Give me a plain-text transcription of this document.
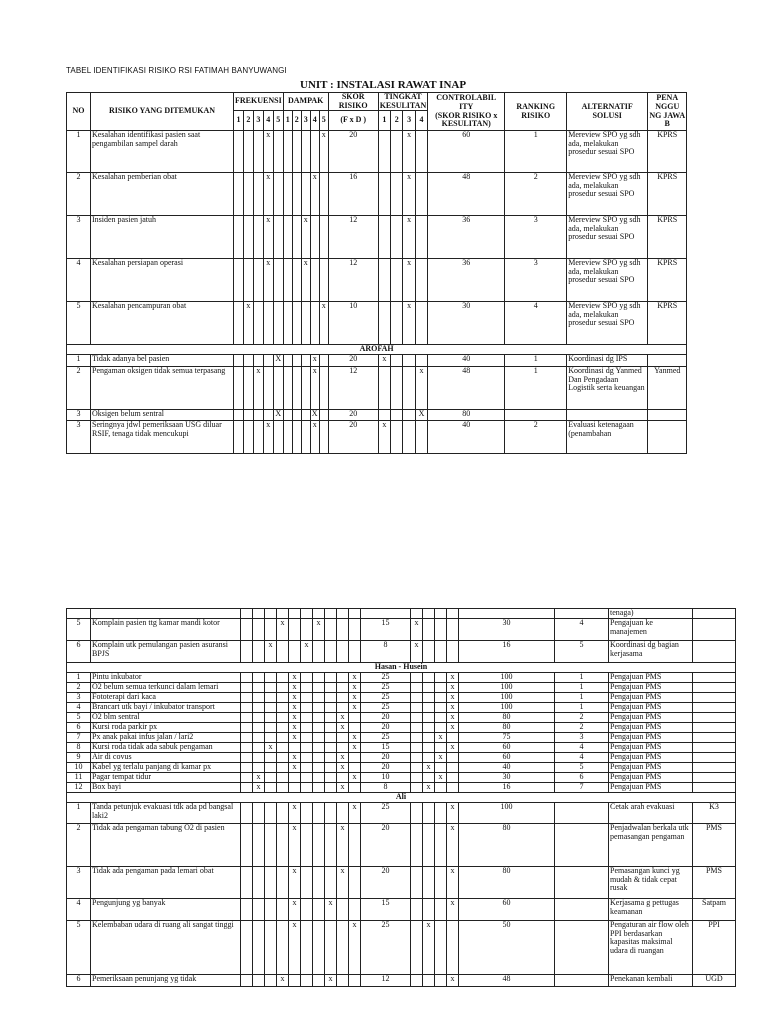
TABEL IDENTIFIKASI RISIKO RSI FATIMAH BANYUWANGI
UNIT : INSTALASI RAWAT INAP
NO	RISIKO YANG DITEMUKAN	FREKUENSI					DAMPAK					SKOR RISIKO	TINGKAT KESULITAN				CONTROLABIL ITY
(SKOR RISIKO x KESULITAN)	RANKING RISIKO	ALTERNATIF SOLUSI	PENA NGGU NG JAWA B
		1	2	3	4	5	1	2	3	4	5	(F x D )	1	2	3	4				
1	Kesalahan identifikasi pasien saat pengambilan sampel darah				x						x	20			x		60	1	Mereview SPO yg sdh ada, melakukan prosedur sesuai SPO	KPRS
2	Kesalahan pemberian obat				x					x		16			x		48	2	Mereview SPO yg sdh ada, melakukan prosedur sesuai SPO	KPRS
3	Insiden pasien jatuh				x				x			12			x		36	3	Mereview SPO yg sdh ada, melakukan prosedur sesuai SPO	KPRS
4	Kesalahan persiapan operasi				x				x			12			x		36	3	Mereview SPO yg sdh ada, melakukan prosedur sesuai SPO	KPRS
5	Kesalahan pencampuran obat		x								x	10			x		30	4	Mereview SPO yg sdh ada, melakukan prosedur sesuai SPO	KPRS
AROFAH																				
1	Tidak adanya bel pasien					X				x		20	x				40	1	Koordinasi dg IPS	
2	Pengaman oksigen tidak semua terpasang			x						x		12				x	48	1	Koordinasi dg Yanmed Dan Pengadaan Logistik serta keuangan	Yanmed
3	Oksigen belum sentral					X				X		20				X	80			
3	Seringnya jdwl pemeriksaan USG diluar RSIF, tenaga tidak mencukupi				x					x		20	x				40	2	Evaluasi ketenagaan (penambahan	
																			tenaga)	
5	Komplain pasien ttg kamar mandi kotor				x			x				15	x				30	4	Pengajuan ke manajemen	
6	Komplain utk pemulangan pasien asuransi BPJS			x			x					8	x				16	5	Koordinasi dg bagian kerjasama	
Hasan - Husein																				
1	Pintu inkubator					x					x	25				x	100	1	Pengajuan PMS	
2	O2 belum semua terkunci dalam lemari					x					x	25				x	100	1	Pengajuan PMS	
3	Fototerapi dari kaca					x					x	25				x	100	1	Pengajuan PMS	
4	Brancart utk bayi / inkubator transport					x					x	25				x	100	1	Pengajuan PMS	
5	O2 blm sentral					x				x		20				x	80	2	Pengajuan PMS	
6	Kursi roda parkir px					x				x		20				x	80	2	Pengajuan PMS	
7	Px anak pakai infus jalan / lari2					x					x	25			x		75	3	Pengajuan PMS	
8	Kursi roda tidak ada sabuk pengaman			x							x	15				x	60	4	Pengajuan PMS	
9	Air di covus					x				x		20			x		60	4	Pengajuan PMS	
10	Kabel yg terlalu panjang di kamar px					x				x		20		x			40	5	Pengajuan PMS	
11	Pagar tempat tidur		x								x	10			x		30	6	Pengajuan PMS	
12	Box bayi		x							x		8		x			16	7	Pengajuan PMS	
Ali																				
1	Tanda petunjuk evakuasi tdk ada pd bangsal laki2					x					x	25				x	100		Cetak arah evakuasi	K3
2	Tidak ada pengaman tabung O2 di pasien					x				x		20				x	80		Penjadwalan berkala utk pemasangan pengaman	PMS
3	Tidak ada pengaman pada lemari obat					x				x		20				x	80		Pemasangan kunci yg mudah & tidak cepat rusak	PMS
4	Pengunjung yg banyak					x			x			15				x	60		Kerjasama g pettugas keamanan	Satpam
5	Kelembaban udara di ruang ali sangat tinggi					x					x	25		x			50		Pengaturan air flow oleh PPI berdasarkan kapasitas maksimal udara di ruangan	PPI
6	Pemeriksaan penunjang yg tidak				x				x			12				x	48		Penekanan kembali	UGD
